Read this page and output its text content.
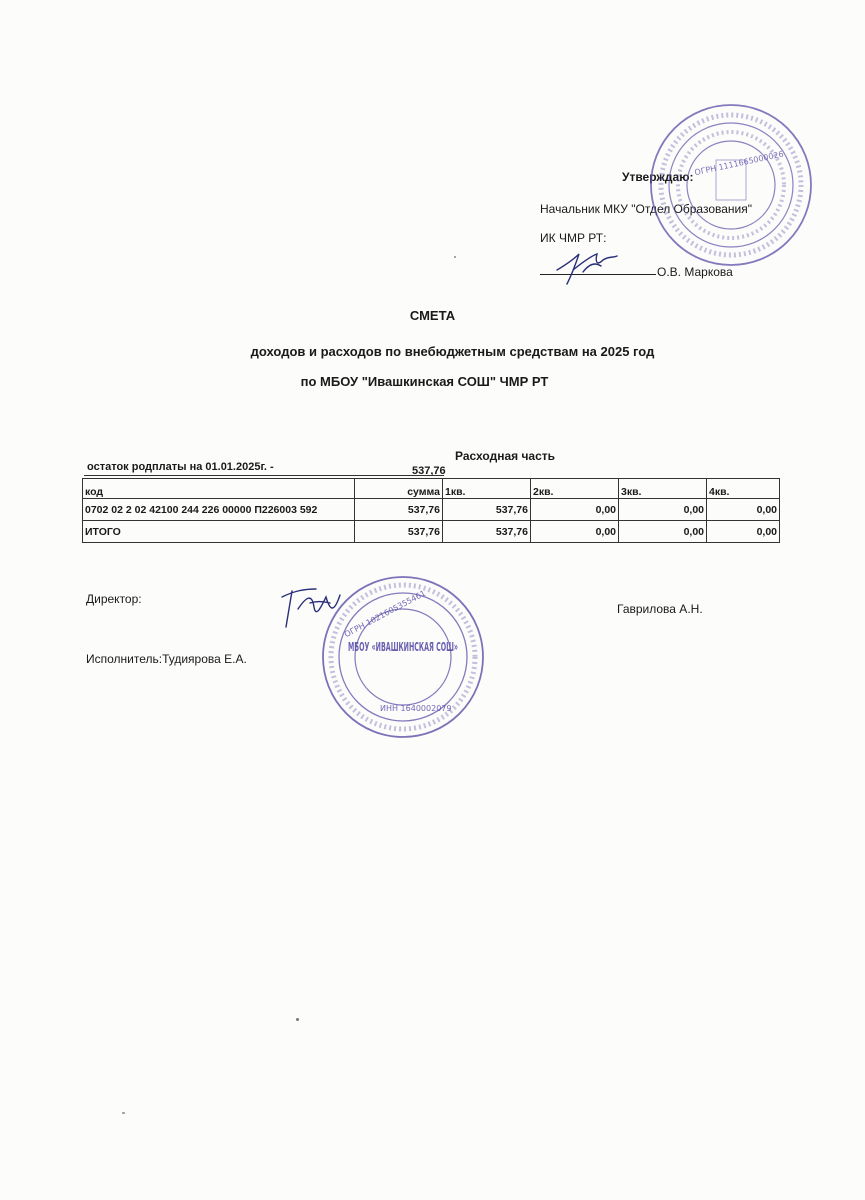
Утверждаю:
Начальник МКУ "Отдел Образования"
ИК ЧМР РТ:
О.В. Маркова
ОГРН 1111665000026
СМЕТА
доходов и расходов по внебюджетным средствам на 2025 год
по МБОУ "Ивашкинская СОШ" ЧМР РТ
Расходная часть
остаток родплаты на 01.01.2025г. -	537,76
код	сумма	1кв.	2кв.	3кв.	4кв.
0702 02 2 02 42100 244 226 00000 П226003 592	537,76	537,76	0,00	0,00	0,00
ИТОГО	537,76	537,76	0,00	0,00	0,00
Директор:
Гаврилова А.Н.
Исполнитель:Тудиярова Е.А.
ОГРН 1021605355461
МБОУ «ИВАШКИНСКАЯ СОШ»
ИНН 1640002079
